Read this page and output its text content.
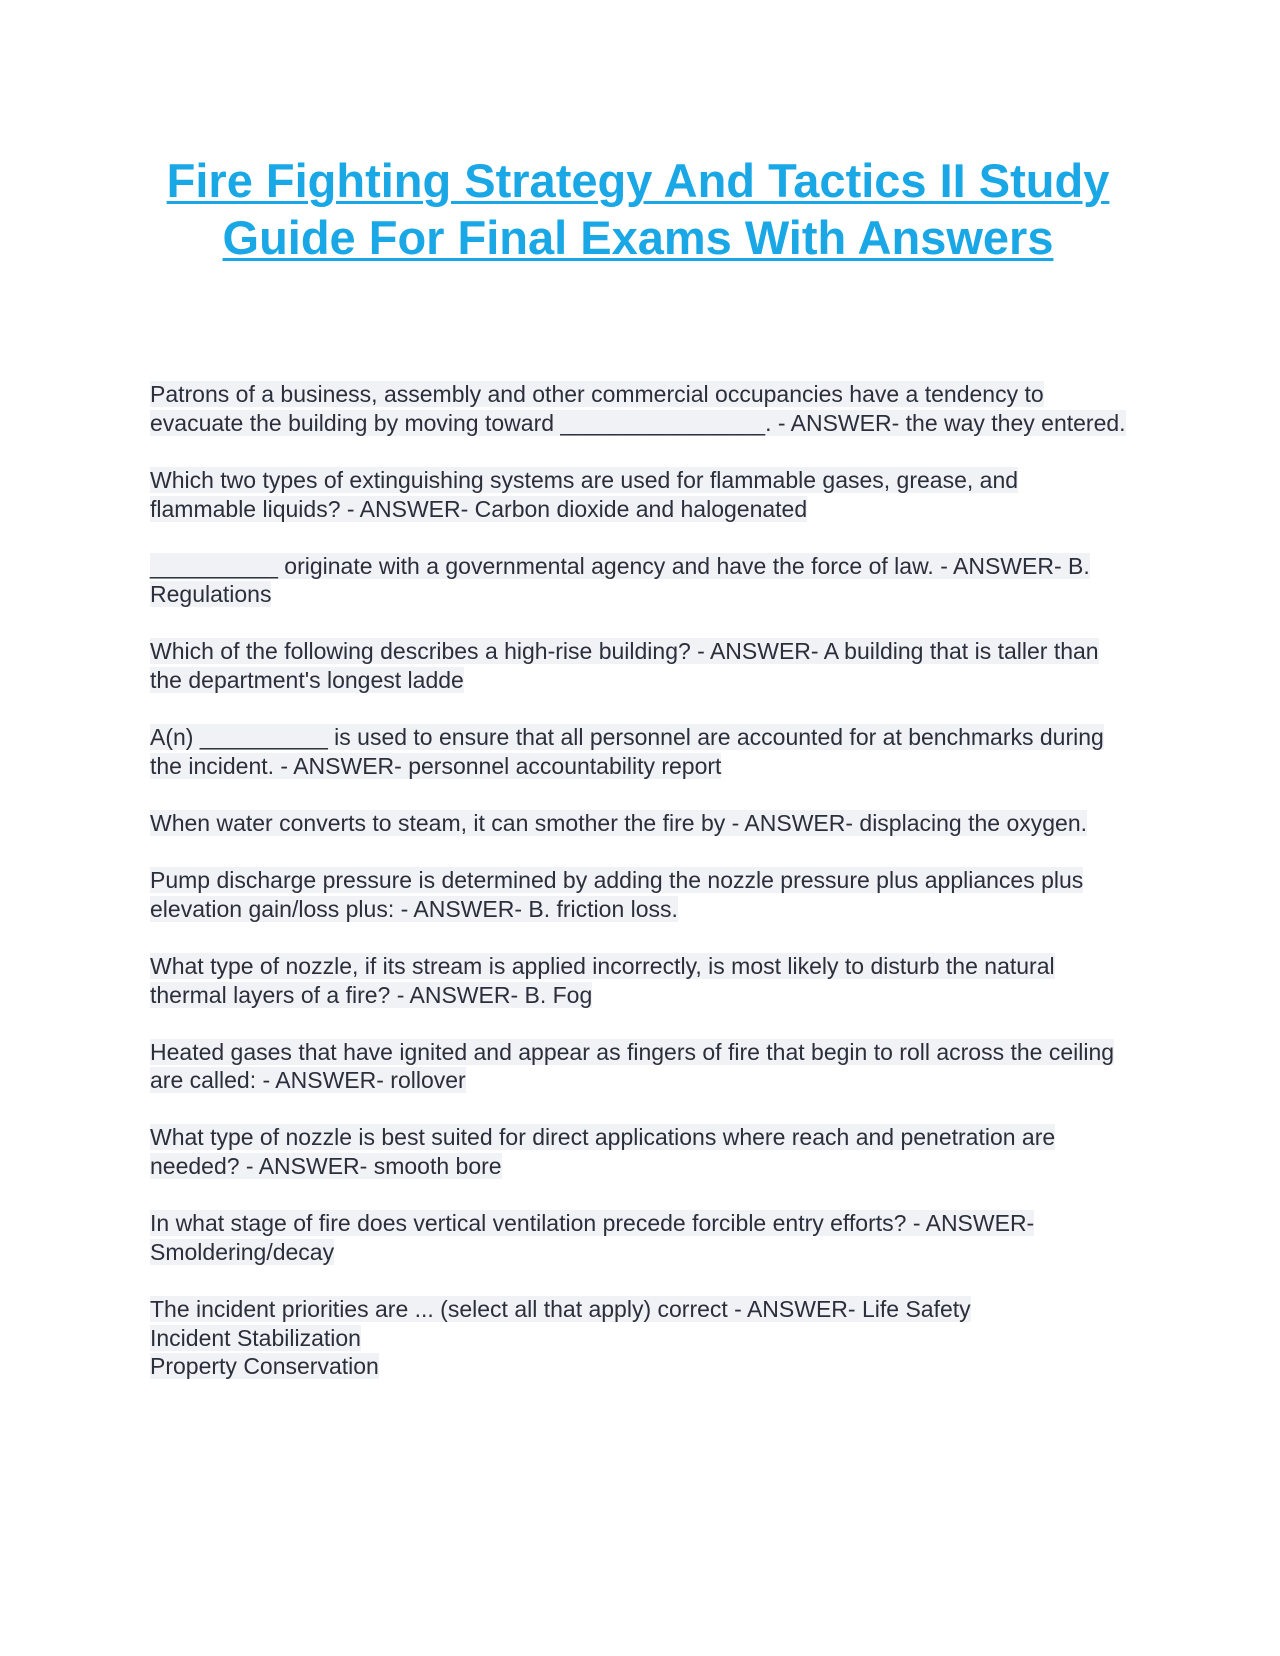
Fire Fighting Strategy And Tactics II Study Guide For Final Exams With Answers

Patrons of a business, assembly and other commercial occupancies have a tendency to evacuate the building by moving toward ________________. - ANSWER- the way they entered.

Which two types of extinguishing systems are used for flammable gases, grease, and flammable liquids? - ANSWER- Carbon dioxide and halogenated

__________ originate with a governmental agency and have the force of law. - ANSWER- B. Regulations

Which of the following describes a high-rise building? - ANSWER- A building that is taller than the department's longest ladde

A(n) __________ is used to ensure that all personnel are accounted for at benchmarks during the incident. - ANSWER- personnel accountability report

When water converts to steam, it can smother the fire by - ANSWER- displacing the oxygen.

Pump discharge pressure is determined by adding the nozzle pressure plus appliances plus elevation gain/loss plus: - ANSWER- B. friction loss.

What type of nozzle, if its stream is applied incorrectly, is most likely to disturb the natural thermal layers of a fire? - ANSWER- B. Fog

Heated gases that have ignited and appear as fingers of fire that begin to roll across the ceiling are called: - ANSWER- rollover

What type of nozzle is best suited for direct applications where reach and penetration are needed? - ANSWER- smooth bore

In what stage of fire does vertical ventilation precede forcible entry efforts? - ANSWER- Smoldering/decay

The incident priorities are ... (select all that apply) correct - ANSWER- Life Safety
Incident Stabilization
Property Conservation
